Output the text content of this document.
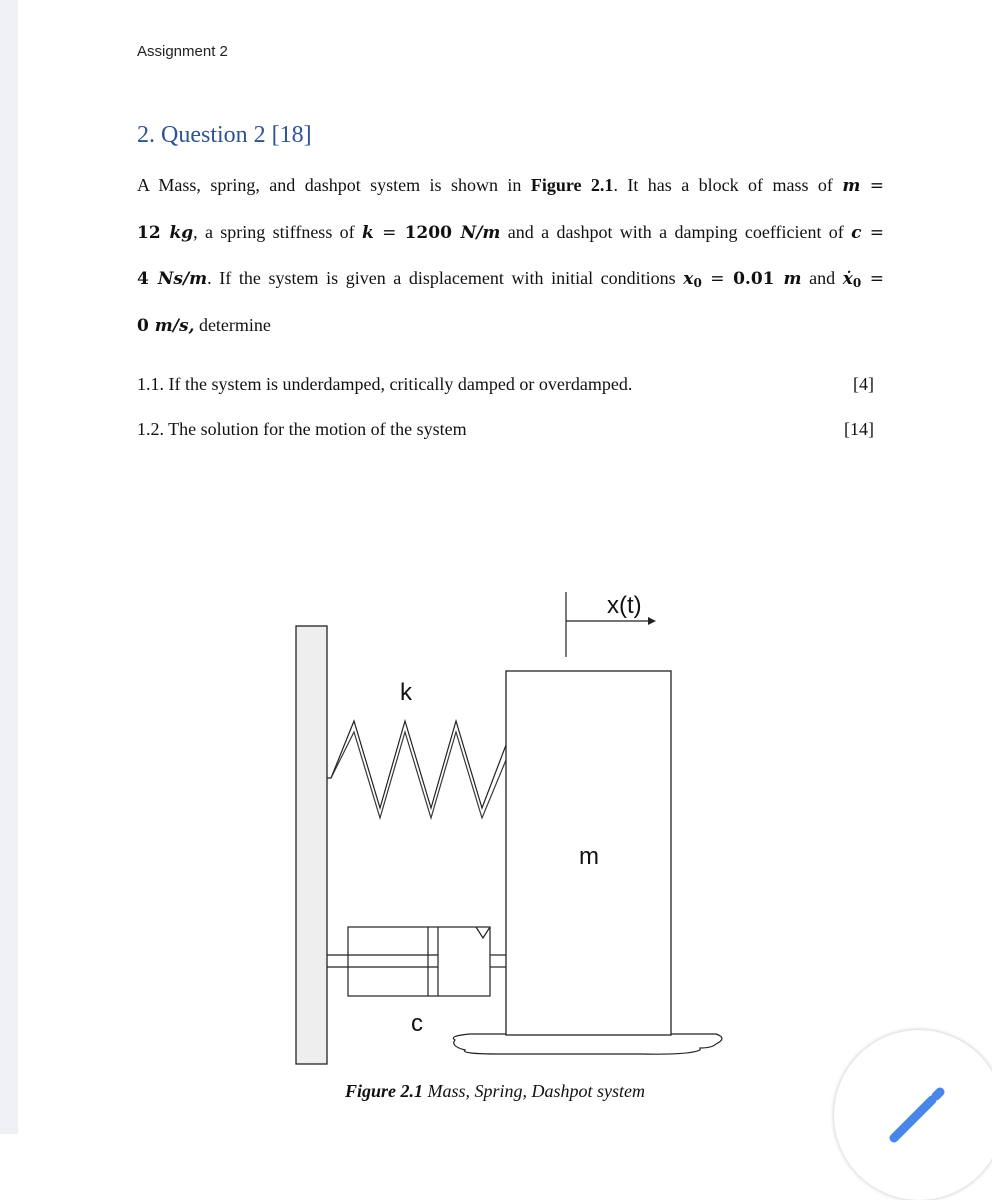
Assignment 2
2. Question 2 [18]
A Mass, spring, and dashpot system is shown in Figure 2.1. It has a block of mass of m =
12 kg, a spring stiffness of k = 1200 N/m and a dashpot with a damping coefficient of c =
4 Ns/m. If the system is given a displacement with initial conditions $x_0 = 0.01$ m and ẋ$_0$ =
0 m/s, determine
1.1. If the system is underdamped, critically damped or overdamped.	[4]
1.2. The solution for the motion of the system	[14]
x(t)
k
m
c
Figure 2.1 Mass, Spring, Dashpot system
